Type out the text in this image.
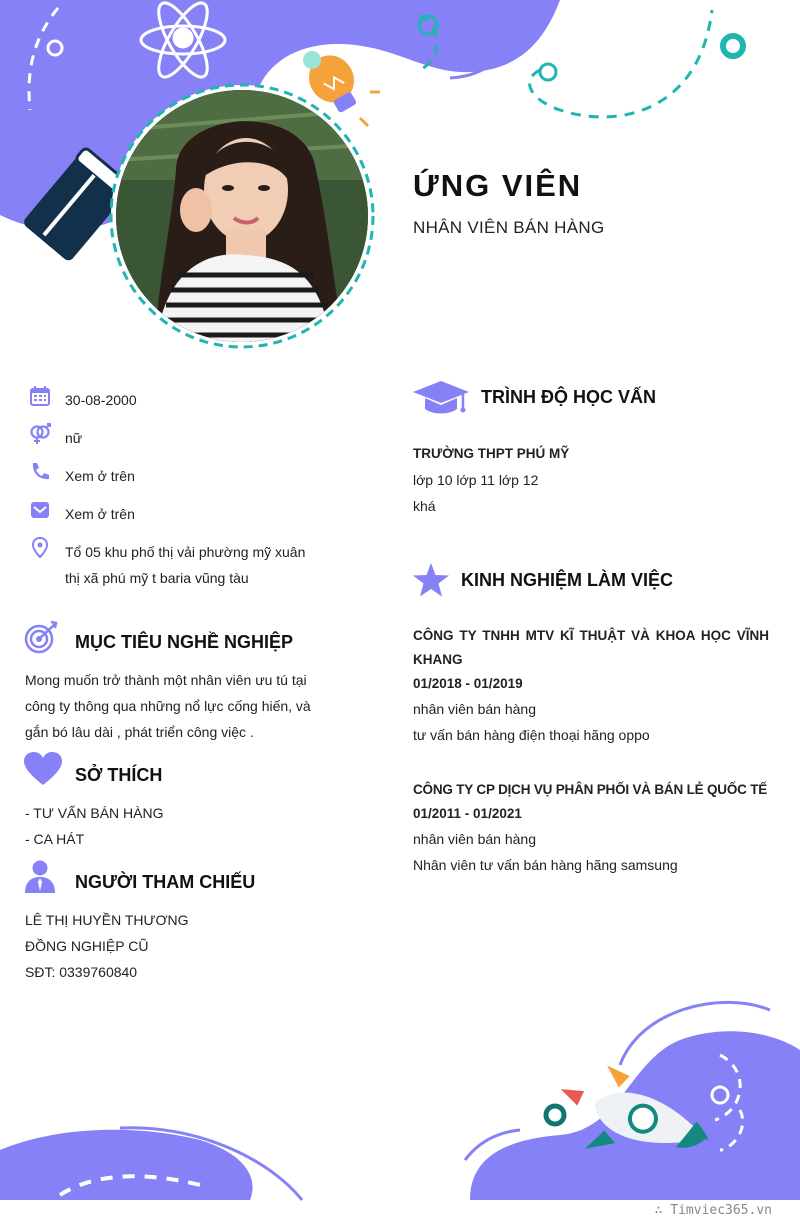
ỨNG VIÊN
NHÂN VIÊN BÁN HÀNG
30-08-2000
nữ
Xem ở trên
Xem ở trên
Tổ 05 khu phố thị vải phường mỹ xuân
thị xã phú mỹ t baria vũng tàu
MỤC TIÊU NGHỀ NGHIỆP
Mong muốn trở thành một nhân viên ưu tú tại
công ty thông qua những nổ lực cống hiến, và
gắn bó lâu dài , phát triển công việc .
SỞ THÍCH
- TƯ VẤN BÁN HÀNG
- CA HÁT
NGƯỜI THAM CHIẾU
LÊ THỊ HUYỀN THƯƠNG
ĐỒNG NGHIỆP CŨ
SĐT: 0339760840
TRÌNH ĐỘ HỌC VẤN
TRƯỜNG THPT PHÚ MỸ
lớp 10 lớp 11 lớp 12
khá
KINH NGHIỆM LÀM VIỆC
CÔNG TY TNHH MTV KĨ THUẬT VÀ KHOA HỌC VĨNH
KHANG
01/2018 - 01/2019
nhân viên bán hàng
tư vấn bán hàng điện thoại hãng oppo
CÔNG TY CP DỊCH VỤ PHÂN PHỐI VÀ BÁN LẺ QUỐC TẾ
01/2011 - 01/2021
nhân viên bán hàng
Nhân viên tư vấn bán hàng hãng samsung
∴ Timviec365.vn
